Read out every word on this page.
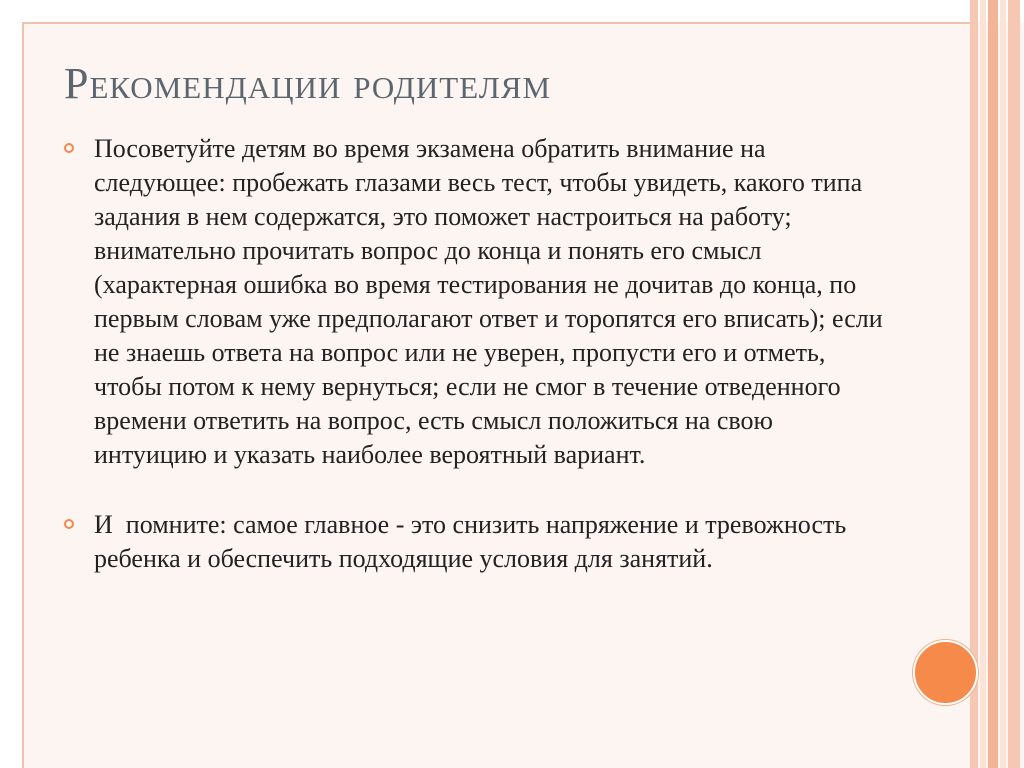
Рекомендации родителям
Посоветуйте детям во время экзамена обратить внимание на следующее: пробежать глазами весь тест, чтобы увидеть, какого типа задания в нем содержатся, это поможет настроиться на работу; внимательно прочитать вопрос до конца и понять его смысл (характерная ошибка во время тестирования не дочитав до конца, по первым словам уже предполагают ответ и торопятся его вписать); если не знаешь ответа на вопрос или не уверен, пропусти его и отметь, чтобы потом к нему вернуться; если не смог в течение отведенного времени ответить на вопрос, есть смысл положиться на свою интуицию и указать наиболее вероятный вариант.
И  помните: самое главное - это снизить напряжение и тревожность ребенка и обеспечить подходящие условия для занятий.
